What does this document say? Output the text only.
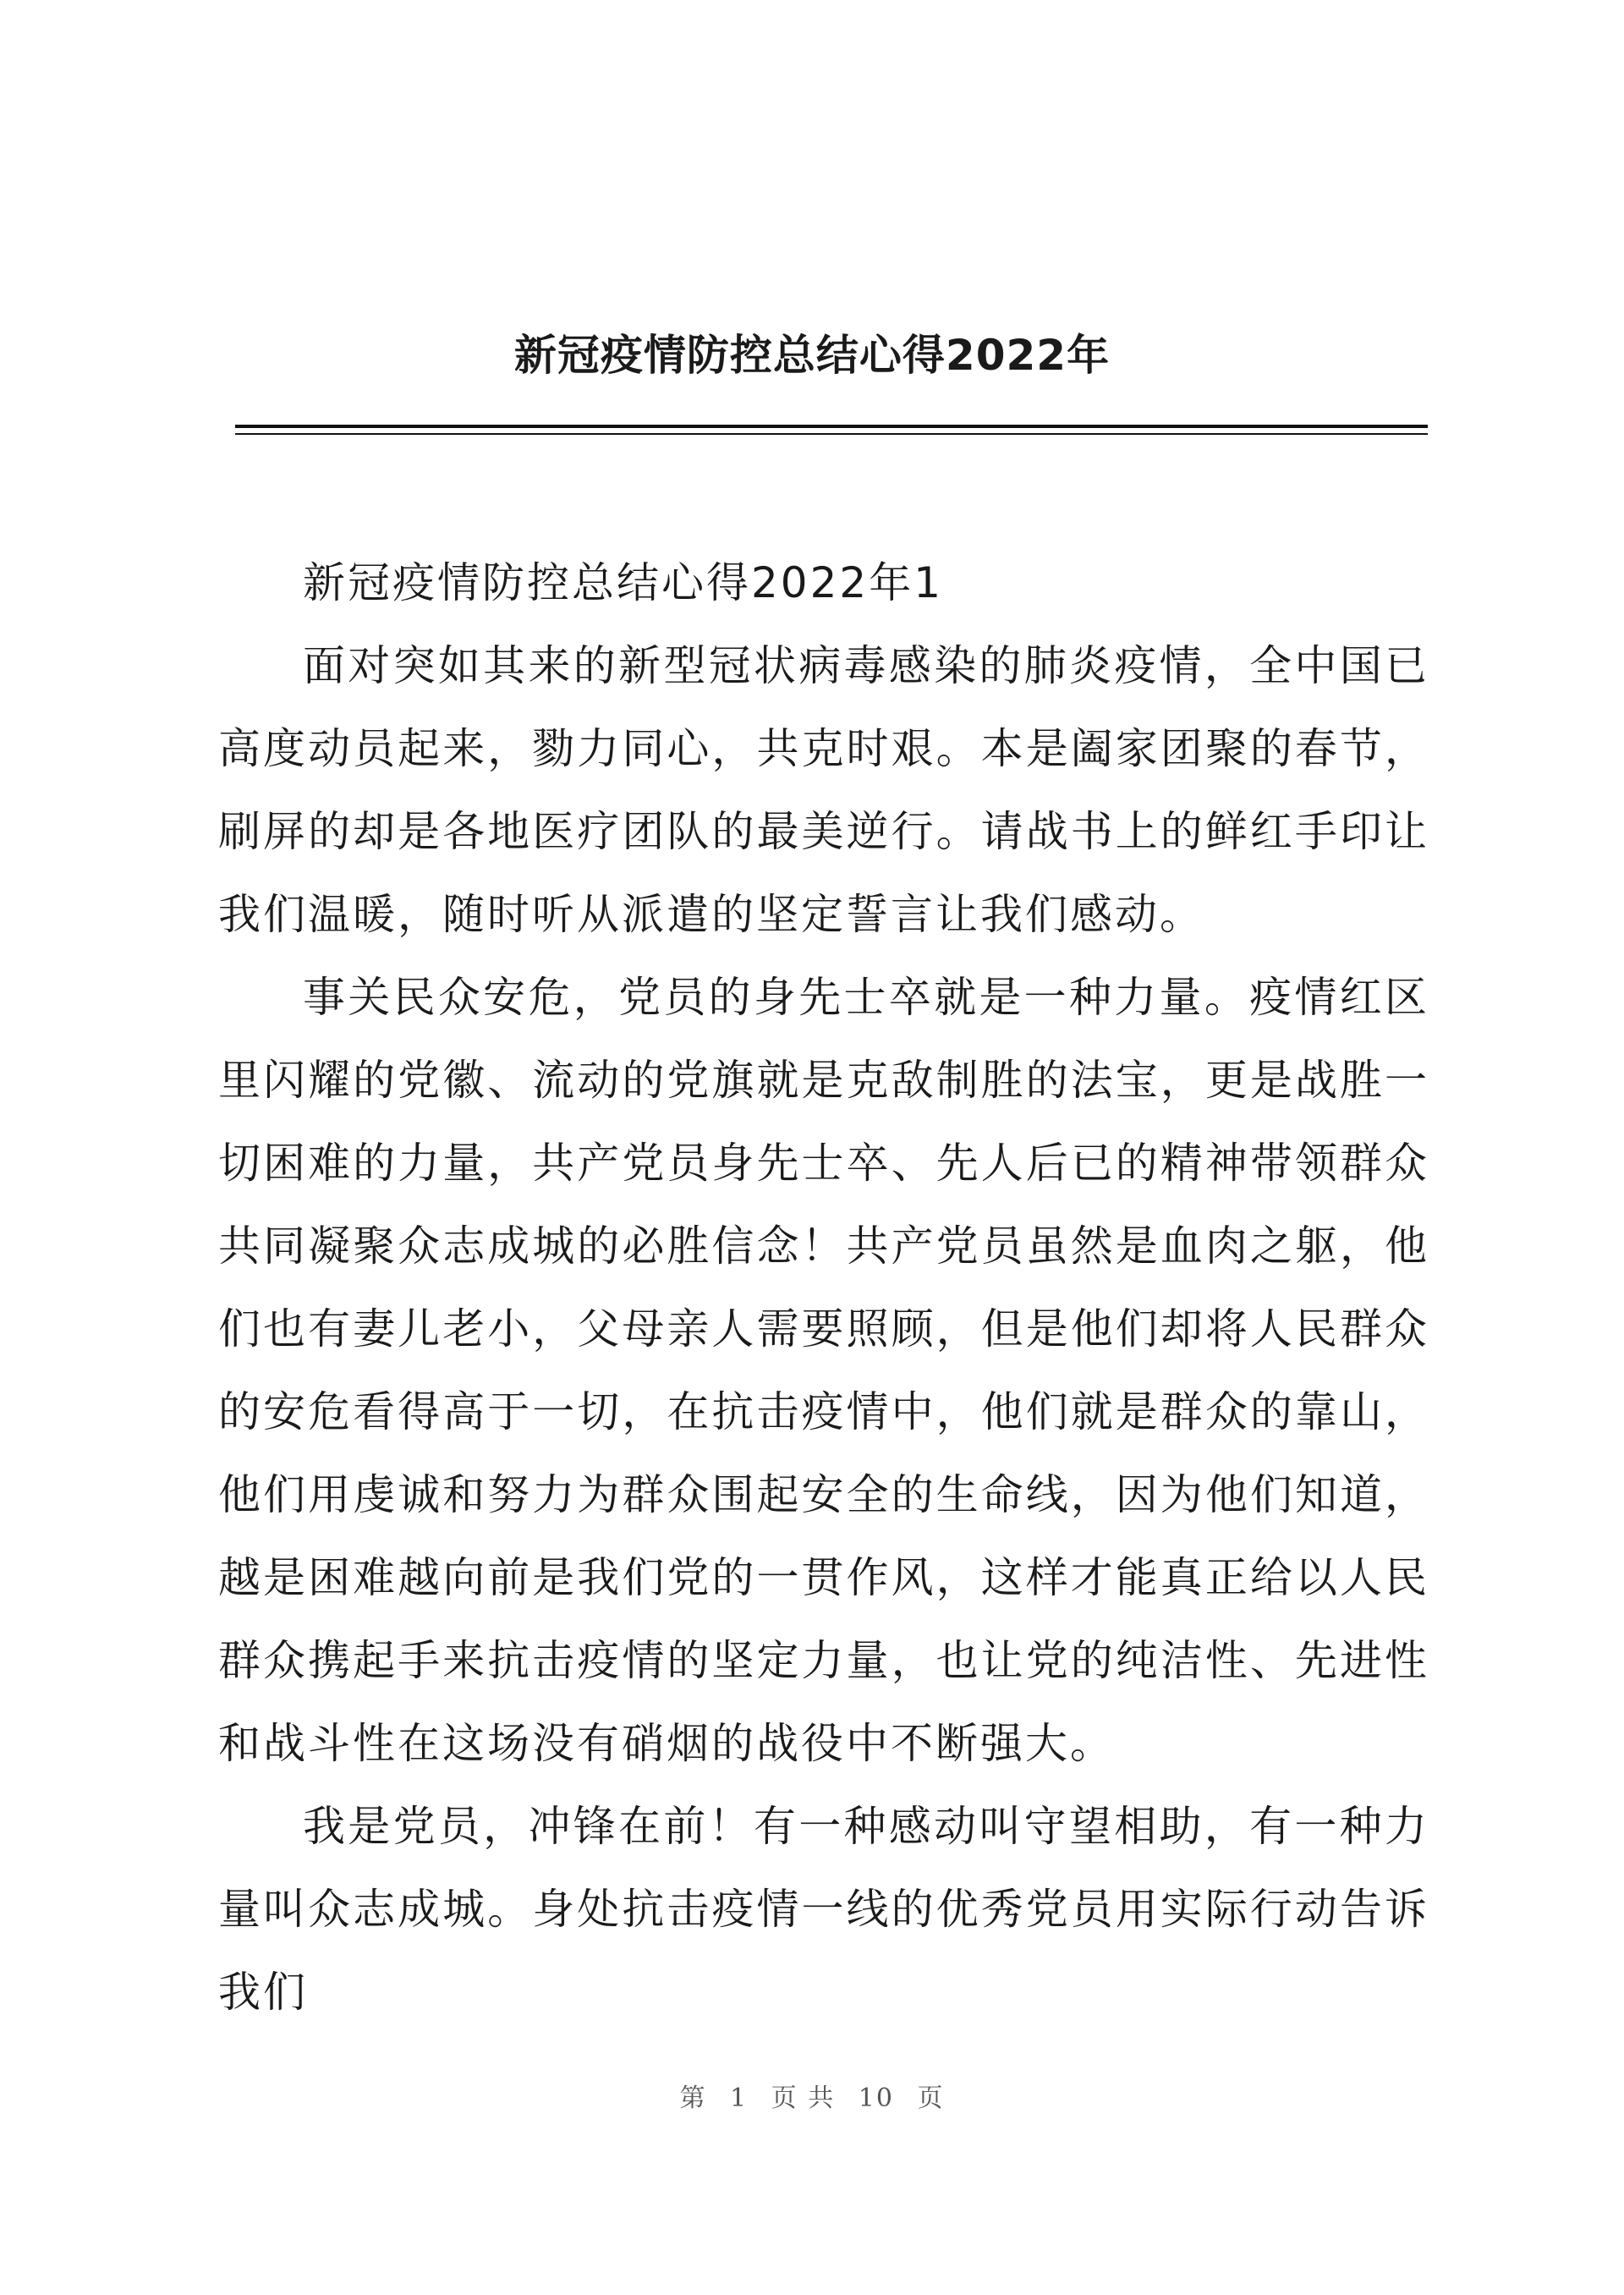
新冠疫情防控总结心得2022年

新冠疫情防控总结心得2022年1

面对突如其来的新型冠状病毒感染的肺炎疫情，全中国已高度动员起来，勠力同心，共克时艰。本是阖家团聚的春节，刷屏的却是各地医疗团队的最美逆行。请战书上的鲜红手印让我们温暖，随时听从派遣的坚定誓言让我们感动。

事关民众安危，党员的身先士卒就是一种力量。疫情红区里闪耀的党徽、流动的党旗就是克敌制胜的法宝，更是战胜一切困难的力量，共产党员身先士卒、先人后已的精神带领群众共同凝聚众志成城的必胜信念！共产党员虽然是血肉之躯，他们也有妻儿老小，父母亲人需要照顾，但是他们却将人民群众的安危看得高于一切，在抗击疫情中，他们就是群众的靠山，他们用虔诚和努力为群众围起安全的生命线，因为他们知道，越是困难越向前是我们党的一贯作风，这样才能真正给以人民群众携起手来抗击疫情的坚定力量，也让党的纯洁性、先进性和战斗性在这场没有硝烟的战役中不断强大。

我是党员，冲锋在前！有一种感动叫守望相助，有一种力量叫众志成城。身处抗击疫情一线的优秀党员用实际行动告诉我们

第 1 页 共 10 页
